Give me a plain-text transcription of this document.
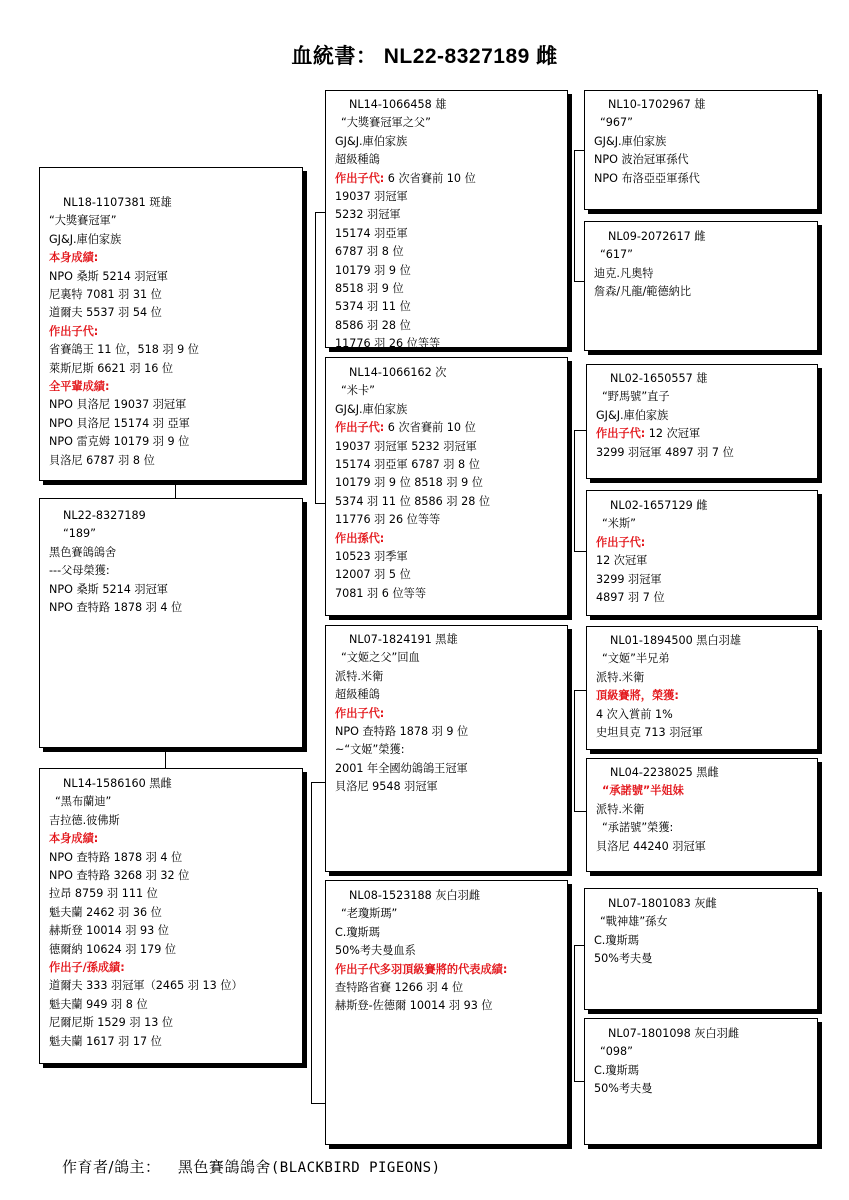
血統書： NL22-8327189 雌
NL18-1107381 斑雄
“大獎賽冠軍”
GJ&J.庫伯家族
本身成績:
NPO 桑斯 5214 羽冠軍
尼裏特 7081 羽 31 位
道爾夫 5537 羽 54 位
作出子代:
省賽鴿王 11 位，518 羽 9 位
萊斯尼斯 6621 羽 16 位
全平輩成績:
NPO 貝洛尼 19037 羽冠軍
NPO 貝洛尼 15174 羽 亞軍
NPO 雷克姆 10179 羽 9 位
貝洛尼 6787 羽 8 位
NL22-8327189
“189”
黑色賽鴿鴿舍
---父母榮獲:
NPO 桑斯 5214 羽冠軍
NPO 查特路 1878 羽 4 位
NL14-1586160 黑雌
“黑布蘭迪”
吉拉德.彼佛斯
本身成績:
NPO 查特路 1878 羽 4 位
NPO 查特路 3268 羽 32 位
拉昂 8759 羽 111 位
魁夫蘭 2462 羽 36 位
赫斯登 10014 羽 93 位
德爾納 10624 羽 179 位
作出子/孫成績:
道爾夫 333 羽冠軍（2465 羽 13 位）
魁夫蘭 949 羽 8 位
尼爾尼斯 1529 羽 13 位
魁夫蘭 1617 羽 17 位
NL14-1066458 雄
“大獎賽冠軍之父”
GJ&J.庫伯家族
超級種鴿
作出子代: 6 次省賽前 10 位
19037 羽冠軍
5232 羽冠軍
15174 羽亞軍
6787 羽 8 位
10179 羽 9 位
8518 羽 9 位
5374 羽 11 位
8586 羽 28 位
11776 羽 26 位等等
NL14-1066162 次
“米卡”
GJ&J.庫伯家族
作出子代: 6 次省賽前 10 位
19037 羽冠軍 5232 羽冠軍
15174 羽亞軍 6787 羽 8 位
10179 羽 9 位 8518 羽 9 位
5374 羽 11 位 8586 羽 28 位
11776 羽 26 位等等
作出孫代:
10523 羽季軍
12007 羽 5 位
7081 羽 6 位等等
NL07-1824191 黑雄
“文姬之父”回血
派特.米衛
超級種鴿
作出子代:
NPO 查特路 1878 羽 9 位
~“文姬”榮獲:
2001 年全國幼鴿鴿王冠軍
貝洛尼 9548 羽冠軍
NL08-1523188 灰白羽雌
“老瓊斯瑪”
C.瓊斯瑪
50%考夫曼血系
作出子代多羽頂級賽將的代表成績:
查特路省賽 1266 羽 4 位
赫斯登-佐德爾 10014 羽 93 位
NL10-1702967 雄
“967”
GJ&J.庫伯家族
NPO 波治冠軍孫代
NPO 布洛亞亞軍孫代
NL09-2072617 雌
“617”
迪克.凡奧特
詹森/凡龍/範德納比
NL02-1650557 雄
“野馬號”直子
GJ&J.庫伯家族
作出子代: 12 次冠軍
3299 羽冠軍 4897 羽 7 位
NL02-1657129 雌
“米斯”
作出子代:
12 次冠軍
3299 羽冠軍
4897 羽 7 位
NL01-1894500 黑白羽雄
“文姬”半兄弟
派特.米衛
頂級賽將，榮獲:
4 次入賞前 1%
史坦貝克 713 羽冠軍
NL04-2238025 黑雌
“承諾號”半姐妹
派特.米衛
“承諾號”榮獲:
貝洛尼 44240 羽冠軍
NL07-1801083 灰雌
“戰神雄”孫女
C.瓊斯瑪
50%考夫曼
NL07-1801098 灰白羽雌
“098”
C.瓊斯瑪
50%考夫曼
作育者/鴿主： 黑色賽鴿鴿舍(BLACKBIRD PIGEONS)
